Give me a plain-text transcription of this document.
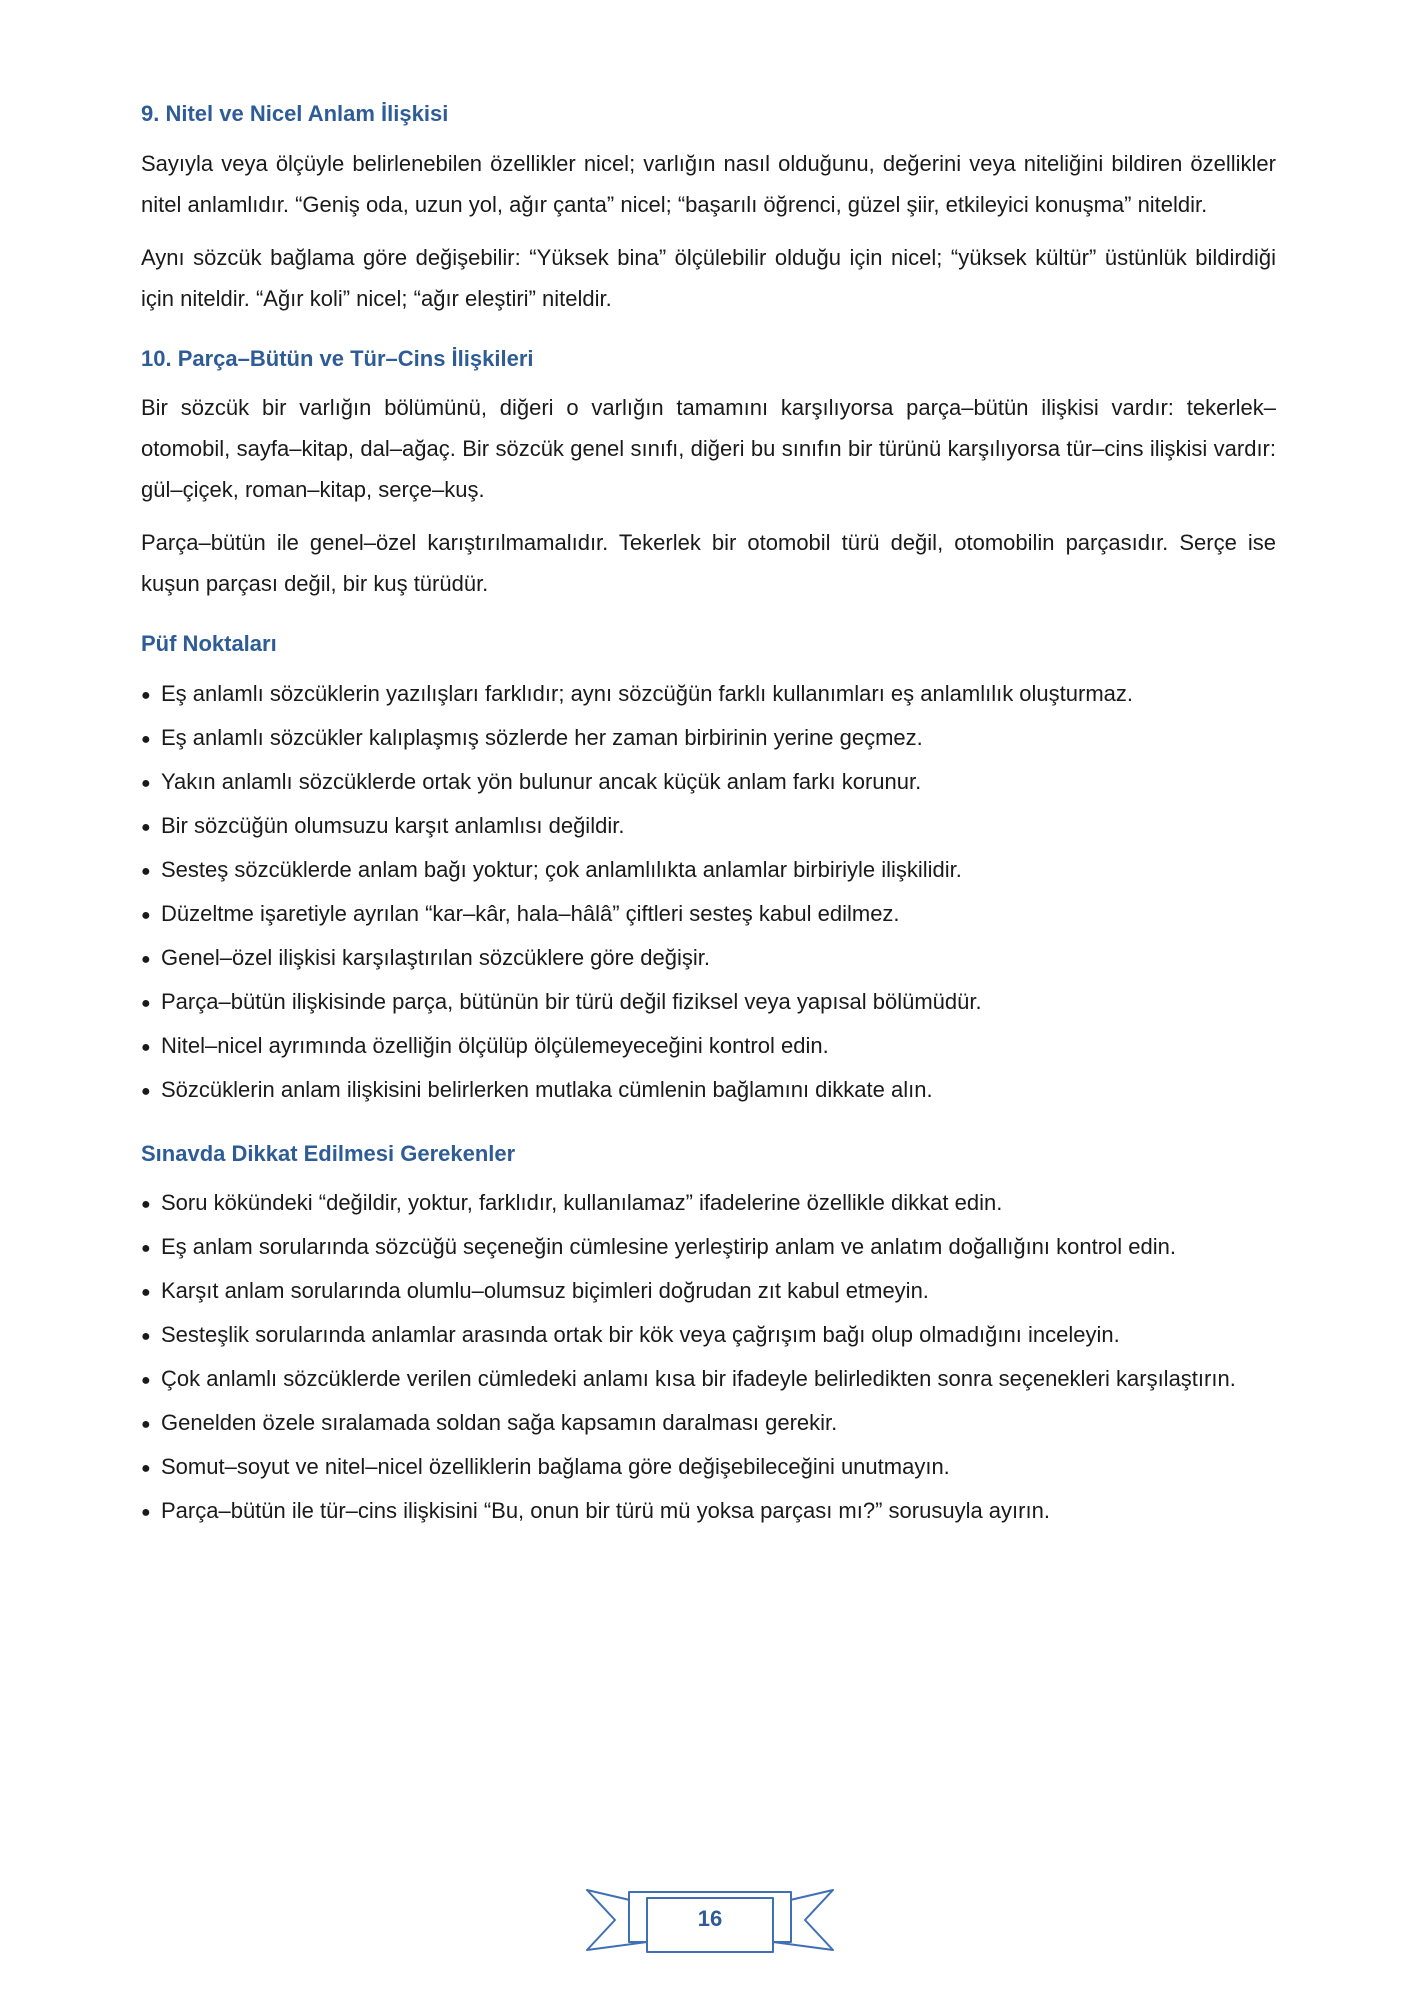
9. Nitel ve Nicel Anlam İlişkisi

Sayıyla veya ölçüyle belirlenebilen özellikler nicel; varlığın nasıl olduğunu, değerini veya niteliğini bildiren özellikler nitel anlamlıdır. “Geniş oda, uzun yol, ağır çanta” nicel; “başarılı öğrenci, güzel şiir, etkileyici konuşma” niteldir.

Aynı sözcük bağlama göre değişebilir: “Yüksek bina” ölçülebilir olduğu için nicel; “yüksek kültür” üstünlük bildirdiği için niteldir. “Ağır koli” nicel; “ağır eleştiri” niteldir.

10. Parça–Bütün ve Tür–Cins İlişkileri

Bir sözcük bir varlığın bölümünü, diğeri o varlığın tamamını karşılıyorsa parça–bütün ilişkisi vardır: tekerlek–otomobil, sayfa–kitap, dal–ağaç. Bir sözcük genel sınıfı, diğeri bu sınıfın bir türünü karşılıyorsa tür–cins ilişkisi vardır: gül–çiçek, roman–kitap, serçe–kuş.

Parça–bütün ile genel–özel karıştırılmamalıdır. Tekerlek bir otomobil türü değil, otomobilin parçasıdır. Serçe ise kuşun parçası değil, bir kuş türüdür.

Püf Noktaları
● Eş anlamlı sözcüklerin yazılışları farklıdır; aynı sözcüğün farklı kullanımları eş anlamlılık oluşturmaz.
● Eş anlamlı sözcükler kalıplaşmış sözlerde her zaman birbirinin yerine geçmez.
● Yakın anlamlı sözcüklerde ortak yön bulunur ancak küçük anlam farkı korunur.
● Bir sözcüğün olumsuzu karşıt anlamlısı değildir.
● Sesteş sözcüklerde anlam bağı yoktur; çok anlamlılıkta anlamlar birbiriyle ilişkilidir.
● Düzeltme işaretiyle ayrılan “kar–kâr, hala–hâlâ” çiftleri sesteş kabul edilmez.
● Genel–özel ilişkisi karşılaştırılan sözcüklere göre değişir.
● Parça–bütün ilişkisinde parça, bütünün bir türü değil fiziksel veya yapısal bölümüdür.
● Nitel–nicel ayrımında özelliğin ölçülüp ölçülemeyeceğini kontrol edin.
● Sözcüklerin anlam ilişkisini belirlerken mutlaka cümlenin bağlamını dikkate alın.
Sınavda Dikkat Edilmesi Gerekenler
● Soru kökündeki “değildir, yoktur, farklıdır, kullanılamaz” ifadelerine özellikle dikkat edin.
● Eş anlam sorularında sözcüğü seçeneğin cümlesine yerleştirip anlam ve anlatım doğallığını kontrol edin.
● Karşıt anlam sorularında olumlu–olumsuz biçimleri doğrudan zıt kabul etmeyin.
● Sesteşlik sorularında anlamlar arasında ortak bir kök veya çağrışım bağı olup olmadığını inceleyin.
● Çok anlamlı sözcüklerde verilen cümledeki anlamı kısa bir ifadeyle belirledikten sonra seçenekleri karşılaştırın.
● Genelden özele sıralamada soldan sağa kapsamın daralması gerekir.
● Somut–soyut ve nitel–nicel özelliklerin bağlama göre değişebileceğini unutmayın.
● Parça–bütün ile tür–cins ilişkisini “Bu, onun bir türü mü yoksa parçası mı?” sorusuyla ayırın.
16
